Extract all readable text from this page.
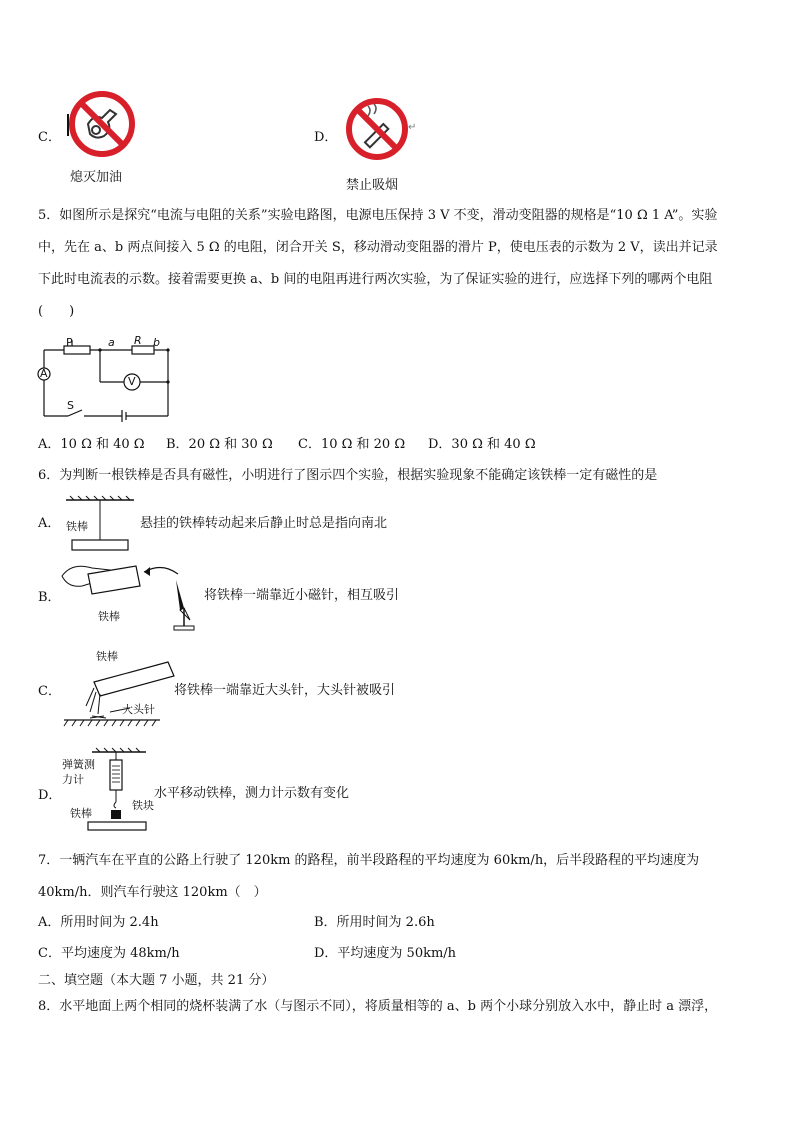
C．
熄灭加油
D．
↵
禁止吸烟
5．如图所示是探究“电流与电阻的关系”实验电路图，电源电压保持 3 V 不变，滑动变阻器的规格是“10 Ω 1 A”。实验
中，先在 a、b 两点间接入 5 Ω 的电阻，闭合开关 S，移动滑动变阻器的滑片 P，使电压表的示数为 2 V，读出并记录
下此时电流表的示数。接着需要更换 a、b 间的电阻再进行两次实验，为了保证实验的进行，应选择下列的哪两个电阻
(　　)
P	a R b
V
A
S
A．10 Ω 和 40 Ω B．20 Ω 和 30 Ω C．10 Ω 和 20 Ω D．30 Ω 和 40 Ω
6．为判断一根铁棒是否具有磁性，小明进行了图示四个实验，根据实验现象不能确定该铁棒一定有磁性的是
A． 铁棒	悬挂的铁棒转动起来后静止时总是指向南北
B．
铁棒
将铁棒一端靠近小磁针，相互吸引
C．
铁棒
大头针
将铁棒一端靠近大头针，大头针被吸引
D．
弹簧测
力计
铁块
铁棒
水平移动铁棒，测力计示数有变化
7．一辆汽车在平直的公路上行驶了 120km 的路程，前半段路程的平均速度为 60km/h，后半段路程的平均速度为
40km/h．则汽车行驶这 120km（　）
A．所用时间为 2.4h	B．所用时间为 2.6h
C．平均速度为 48km/h	D．平均速度为 50km/h
二、填空题（本大题 7 小题，共 21 分）
8．水平地面上两个相同的烧杯装满了水（与图示不同），将质量相等的 a、b 两个小球分别放入水中，静止时 a 漂浮，
